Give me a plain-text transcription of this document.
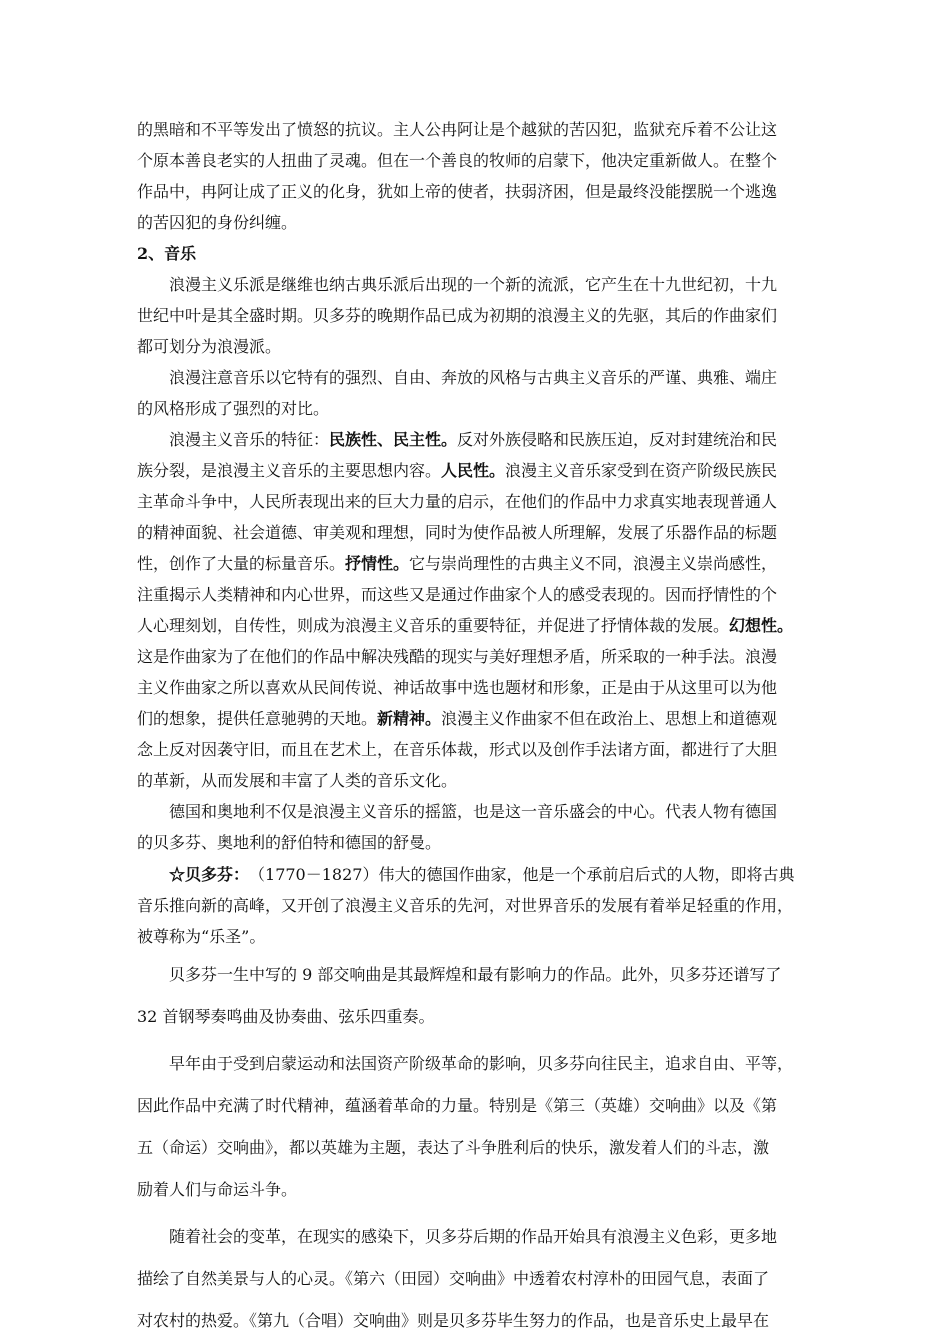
的黑暗和不平等发出了愤怒的抗议。主人公冉阿让是个越狱的苦囚犯，监狱充斥着不公让这
个原本善良老实的人扭曲了灵魂。但在一个善良的牧师的启蒙下，他决定重新做人。在整个
作品中，冉阿让成了正义的化身，犹如上帝的使者，扶弱济困，但是最终没能摆脱一个逃逸
的苦囚犯的身份纠缠。
2、音乐
浪漫主义乐派是继维也纳古典乐派后出现的一个新的流派，它产生在十九世纪初，十九
世纪中叶是其全盛时期。贝多芬的晚期作品已成为初期的浪漫主义的先驱，其后的作曲家们
都可划分为浪漫派。
浪漫注意音乐以它特有的强烈、自由、奔放的风格与古典主义音乐的严谨、典雅、端庄
的风格形成了强烈的对比。
浪漫主义音乐的特征：民族性、民主性。反对外族侵略和民族压迫，反对封建统治和民
族分裂，是浪漫主义音乐的主要思想内容。人民性。浪漫主义音乐家受到在资产阶级民族民
主革命斗争中，人民所表现出来的巨大力量的启示，在他们的作品中力求真实地表现普通人
的精神面貌、社会道德、审美观和理想，同时为使作品被人所理解，发展了乐器作品的标题
性，创作了大量的标量音乐。抒情性。它与崇尚理性的古典主义不同，浪漫主义崇尚感性，
注重揭示人类精神和内心世界，而这些又是通过作曲家个人的感受表现的。因而抒情性的个
人心理刻划，自传性，则成为浪漫主义音乐的重要特征，并促进了抒情体裁的发展。幻想性。
这是作曲家为了在他们的作品中解决残酷的现实与美好理想矛盾，所采取的一种手法。浪漫
主义作曲家之所以喜欢从民间传说、神话故事中选也题材和形象，正是由于从这里可以为他
们的想象，提供任意驰骋的天地。新精神。浪漫主义作曲家不但在政治上、思想上和道德观
念上反对因袭守旧，而且在艺术上，在音乐体裁，形式以及创作手法诸方面，都进行了大胆
的革新，从而发展和丰富了人类的音乐文化。
德国和奥地利不仅是浪漫主义音乐的摇篮，也是这一音乐盛会的中心。代表人物有德国
的贝多芬、奥地利的舒伯特和德国的舒曼。
☆贝多芬：（1770－1827）伟大的德国作曲家，他是一个承前启后式的人物，即将古典
音乐推向新的高峰，又开创了浪漫主义音乐的先河，对世界音乐的发展有着举足轻重的作用，
被尊称为“乐圣”。
贝多芬一生中写的 9 部交响曲是其最辉煌和最有影响力的作品。此外，贝多芬还谱写了
32 首钢琴奏鸣曲及协奏曲、弦乐四重奏。
早年由于受到启蒙运动和法国资产阶级革命的影响，贝多芬向往民主，追求自由、平等，
因此作品中充满了时代精神，蕴涵着革命的力量。特别是《第三（英雄）交响曲》以及《第
五（命运）交响曲》，都以英雄为主题，表达了斗争胜利后的快乐，激发着人们的斗志，激
励着人们与命运斗争。
随着社会的变革，在现实的感染下，贝多芬后期的作品开始具有浪漫主义色彩，更多地
描绘了自然美景与人的心灵。《第六（田园）交响曲》中透着农村淳朴的田园气息，表面了
对农村的热爱。《第九（合唱）交响曲》则是贝多芬毕生努力的作品，也是音乐史上最早在
